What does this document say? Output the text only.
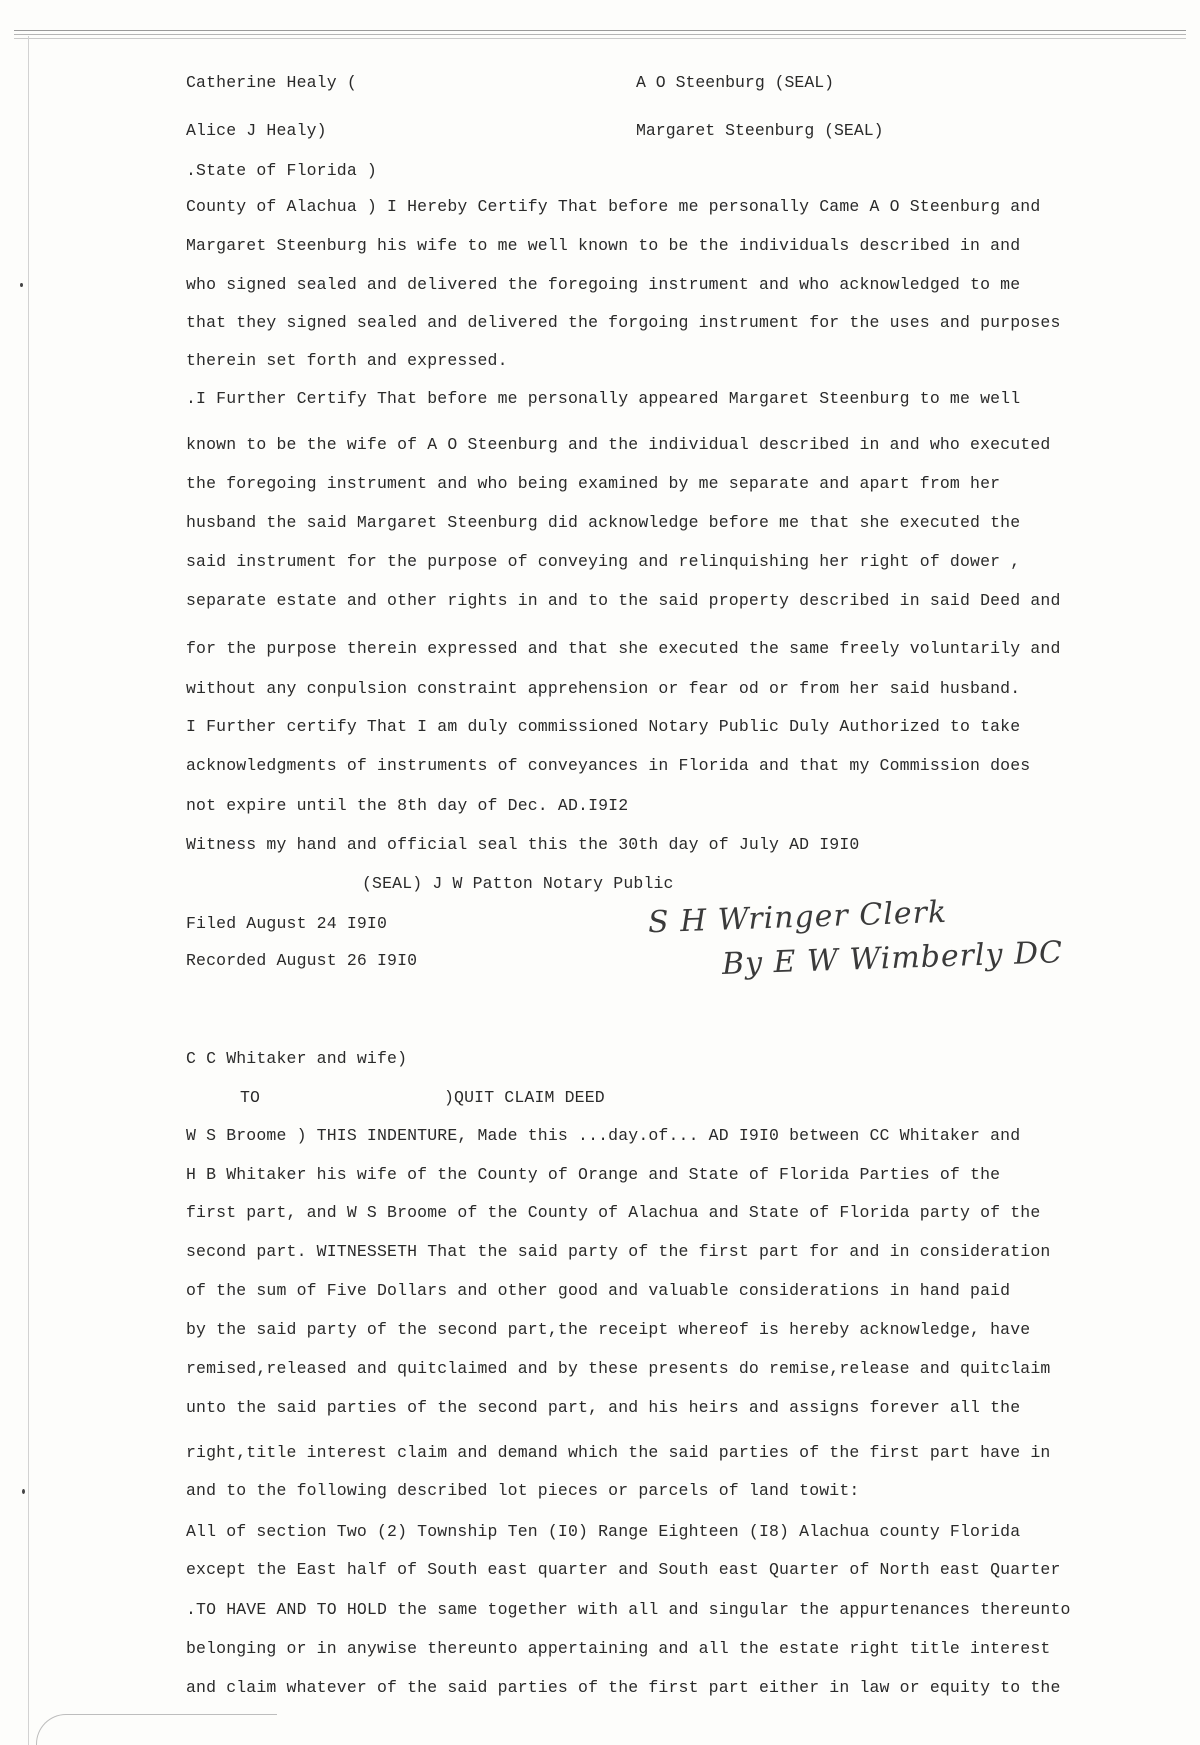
Catherine Healy (	A O Steenburg (SEAL)
Alice J Healy)	Margaret Steenburg (SEAL)
.State of Florida )
County of Alachua ) I Hereby Certify That before me personally Came A O Steenburg and
Margaret Steenburg his wife to me well known to be the individuals described in and
who signed sealed and delivered the foregoing instrument and who acknowledged to me
that they signed sealed and delivered the forgoing instrument for the uses and purposes
therein set forth and expressed.
.I Further Certify That before me personally appeared Margaret Steenburg to me well
known to be the wife of A O Steenburg and the individual described in and who executed
the foregoing instrument and who being examined by me separate and apart from her
husband the said Margaret Steenburg did acknowledge before me that she executed the
said instrument for the purpose of conveying and relinquishing her right of dower ,
separate estate and other rights in and to the said property described in said Deed and
for the purpose therein expressed and that she executed the same freely voluntarily and
without any conpulsion constraint apprehension or fear od or from her said husband.
I Further certify That I am duly commissioned Notary Public Duly Authorized to take
acknowledgments of instruments of conveyances in Florida and that my Commission does
not expire until the 8th day of Dec. AD.I9I2
Witness my hand and official seal this the 30th day of July AD I9I0
(SEAL) J W Patton Notary Public
Filed August 24 I9I0
Recorded August 26 I9I0
S H Wringer Clerk
By E W Wimberly DC
C C Whitaker and wife)
TO	)QUIT CLAIM DEED
W S Broome ) THIS INDENTURE, Made this ...day.of... AD I9I0 between CC Whitaker and
H B Whitaker his wife of the County of Orange and State of Florida Parties of the
first part, and W S Broome of the County of Alachua and State of Florida party of the
second part. WITNESSETH That the said party of the first part for and in consideration
of the sum of Five Dollars and other good and valuable considerations in hand paid
by the said party of the second part,the receipt whereof is hereby acknowledge, have
remised,released and quitclaimed and by these presents do remise,release and quitclaim
unto the said parties of the second part, and his heirs and assigns forever all the
right,title interest claim and demand which the said parties of the first part have in
and to the following described lot pieces or parcels of land towit:
All of section Two (2) Township Ten (I0) Range Eighteen (I8) Alachua county Florida
except the East half of South east quarter and South east Quarter of North east Quarter
.TO HAVE AND TO HOLD the same together with all and singular the appurtenances thereunto
belonging or in anywise thereunto appertaining and all the estate right title interest
and claim whatever of the said parties of the first part either in law or equity to the
